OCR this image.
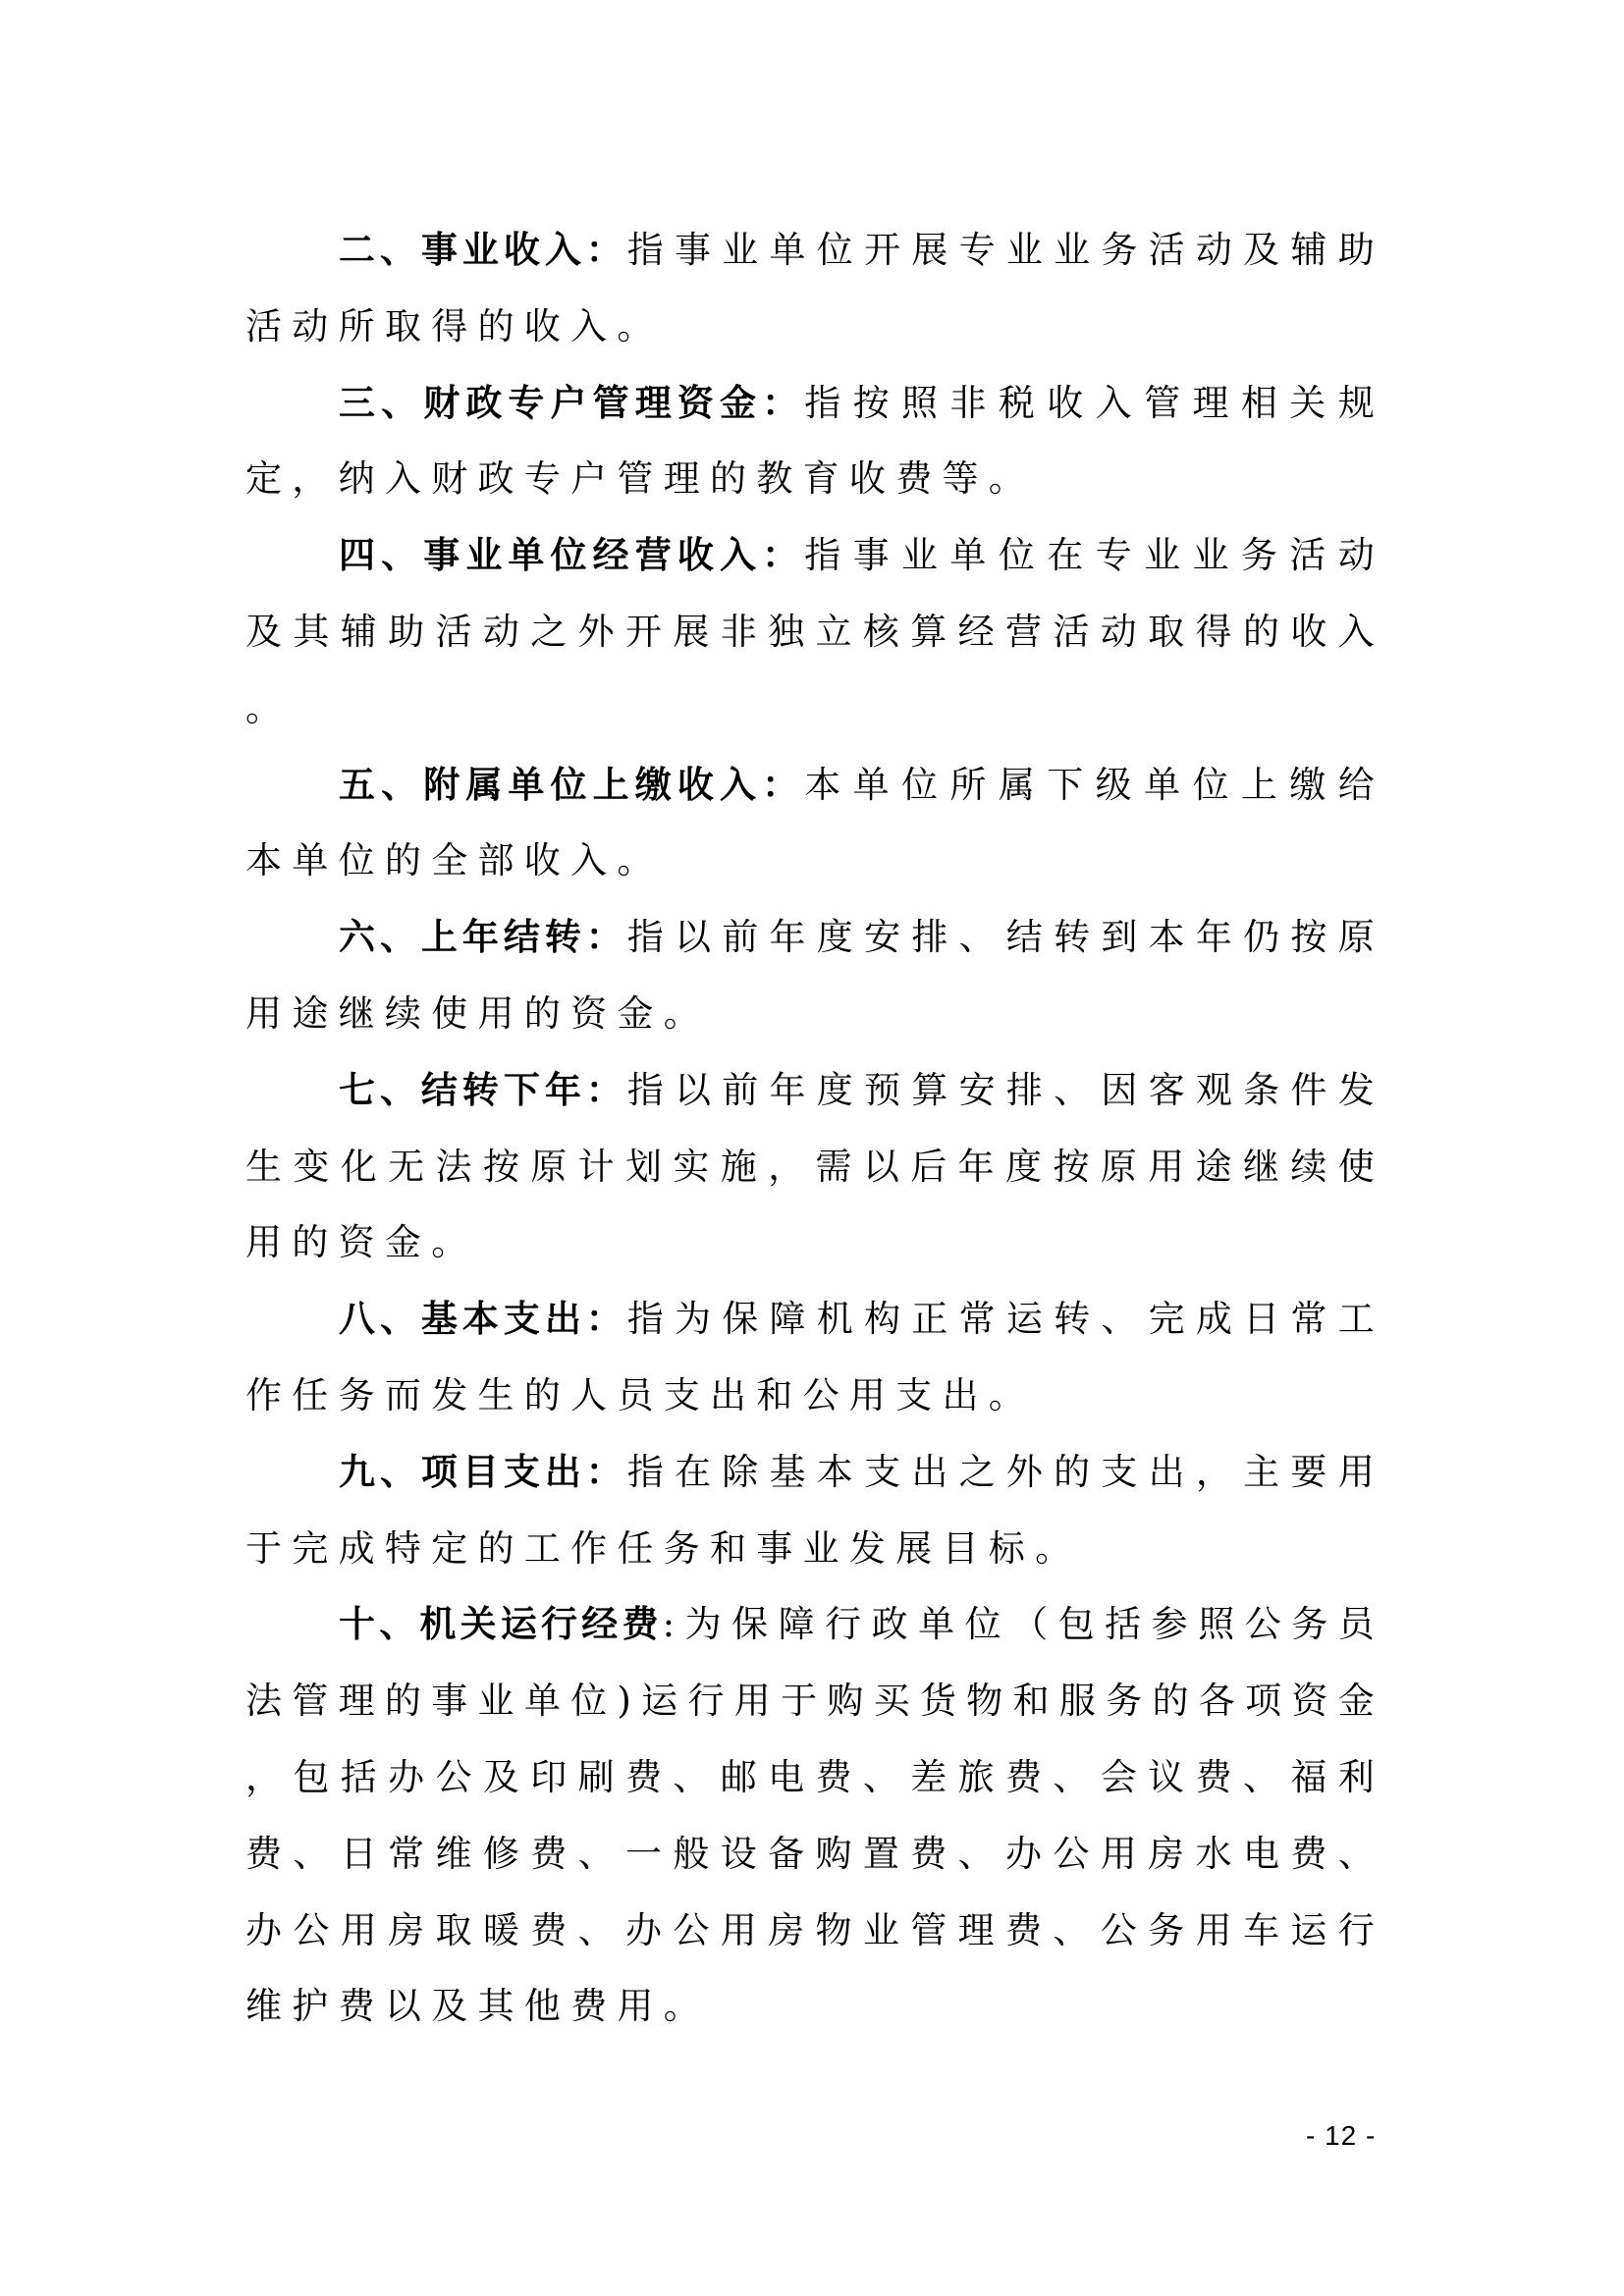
二、事业收入：指事业单位开展专业业务活动及辅助活动所取得的收入。

三、财政专户管理资金：指按照非税收入管理相关规定，纳入财政专户管理的教育收费等。

四、事业单位经营收入：指事业单位在专业业务活动及其辅助活动之外开展非独立核算经营活动取得的收入。

五、附属单位上缴收入：本单位所属下级单位上缴给本单位的全部收入。

六、上年结转：指以前年度安排、结转到本年仍按原用途继续使用的资金。

七、结转下年：指以前年度预算安排、因客观条件发生变化无法按原计划实施，需以后年度按原用途继续使用的资金。

八、基本支出：指为保障机构正常运转、完成日常工作任务而发生的人员支出和公用支出。

九、项目支出：指在除基本支出之外的支出，主要用于完成特定的工作任务和事业发展目标。

十、机关运行经费:为保障行政单位（包括参照公务员法管理的事业单位)运行用于购买货物和服务的各项资金，包括办公及印刷费、邮电费、差旅费、会议费、福利费、日常维修费、一般设备购置费、办公用房水电费、办公用房取暖费、办公用房物业管理费、公务用车运行维护费以及其他费用。

- 12 -
